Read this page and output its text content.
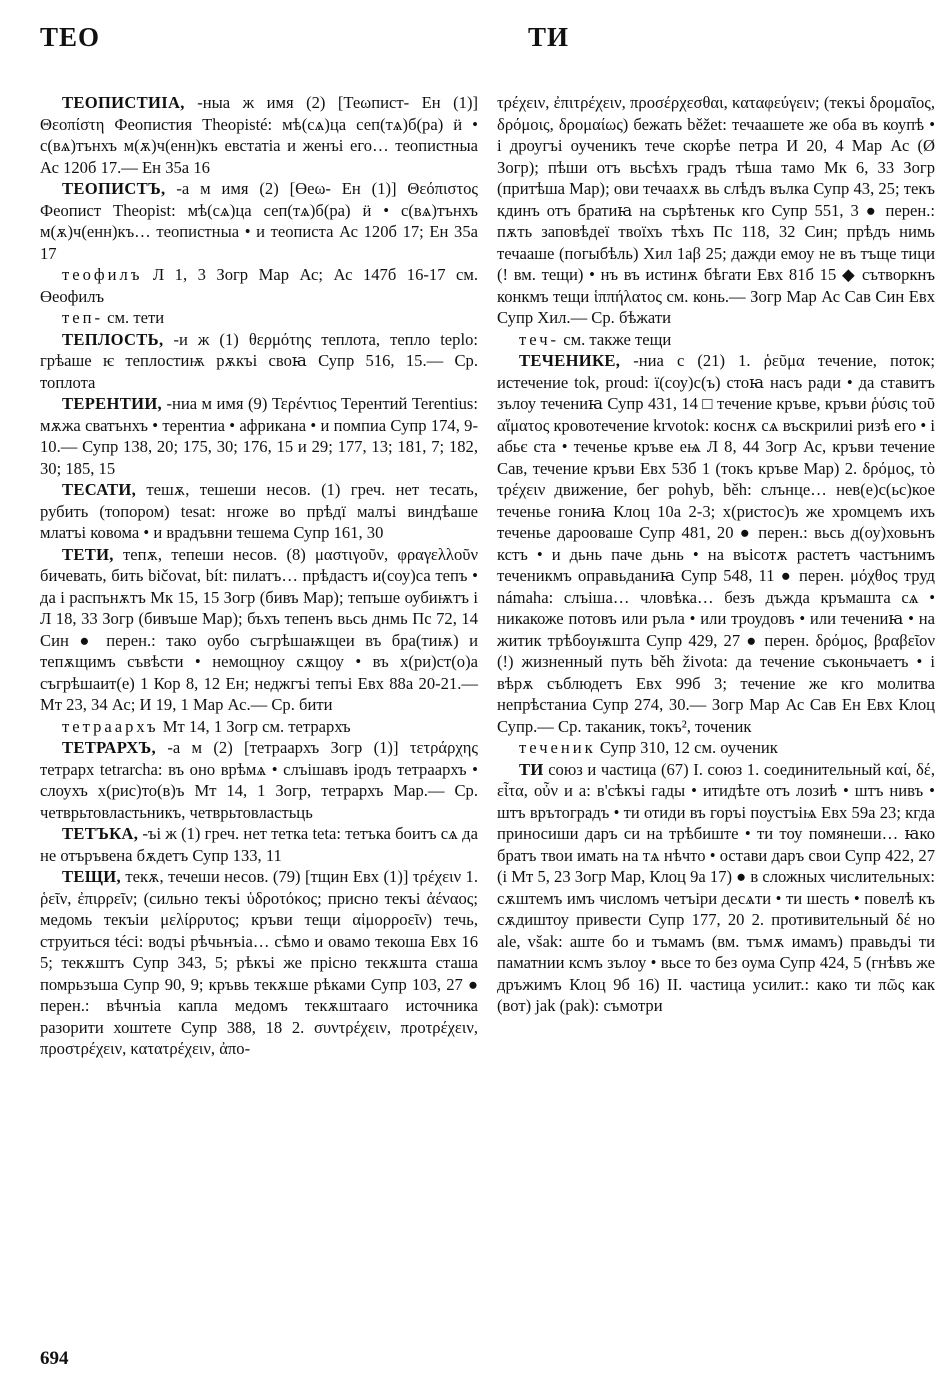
ТЕО	ТИ

ТЕОПИСТИІА, -ныа ж имя (2) [Теωпист- Ен (1)] Θεοπίστη Феопистия Theopisté: мѣ(сѧ)ца сеп(тѧ)б(ра) ӥ • с(вѧ)тънхъ м(ѫ)ч(енн)къ евстатіа и женъі его… теопистныа Ас 120б 17.— Ен 35а 16

ТЕОПИСТЪ, -а м имя (2) [Өеω- Ен (1)] Θεόπιστος Феопист Theopist: мѣ(сѧ)ца сеп(тѧ)б(ра) ӥ • с(вѧ)тънхъ м(ѫ)ч(енн)къ… теопистныа • и теописта Ас 120б 17; Ен 35а 17

теофилъ Л 1, 3 Зогр Мар Ас; Ас 147б 16-17 см. Өеофилъ

теп- см. тети

ТЕПЛОСТЬ, -и ж (1) θερμότης теплота, тепло teplo: грѣаше ѥ теплостиѭ рѫкъі своꙗ Супр 516, 15.— Ср. топлота

ТЕРЕНТИИ, -ниа м имя (9) Τερέντιος Терентий Terentius: мѫжа сватънхъ • терентиа • африкана • и помпиа Супр 174, 9-10.— Супр 138, 20; 175, 30; 176, 15 и 29; 177, 13; 181, 7; 182, 30; 185, 15

ТЕСАТИ, тешѫ, тешеши несов. (1) греч. нет тесать, рубить (топором) tesat: нгоже во прѣдї малъі виндѣаше млатъі ковома • и врадъвни тешема Супр 161, 30

ТЕТИ, тепѫ, тепеши несов. (8) μαστιγοῦν, φραγελλοῦν бичевать, бить bičovat, bít: пилатъ… прѣдастъ и(соу)са тепъ • да і распънѫтъ Мк 15, 15 Зогр (бивъ Мар); тепъше оубиѭтъ і Л 18, 33 Зогр (бивъше Мар); бъхъ тепенъ вьсь днмь Пс 72, 14 Син ● перен.: тако оубо съгрѣшаѭщеи въ бра(тиѭ) и тепѫщимъ съвѣсти • немощноу сѫщоу • въ х(ри)ст(о)а съгрѣшаит(е) 1 Кор 8, 12 Ен; неджгъі тепъі Евх 88а 20-21.— Мт 23, 34 Ас; И 19, 1 Мар Ас.— Ср. бити

тетраархъ Мт 14, 1 Зогр см. тетрархъ

ТЕТРАРХЪ, -а м (2) [тетраархъ Зогр (1)] τετράρχης тетрарх tetrarcha: въ оно врѣмѧ • слъішавъ іродъ тетраархъ • слоухъ х(рис)то(в)ъ Мт 14, 1 Зогр, тетрархъ Мар.— Ср. четврьтовластьникъ, четврьтовластьць

ТЕТЪКА, -ъі ж (1) греч. нет тетка teta: тетъка боитъ сѧ да не отъръвена бѫдетъ Супр 133, 11

ТЕЩИ, текѫ, течеши несов. (79) [тщин Евх (1)] τρέχειν 1. ῥεῖν, ἐπιρρεῖν; (сильно текъі ὑδροτόκος; присно текъі ἀέναος; медомь текъіи μελίρρυτος; кръви тещи αἱμορροεῖν) течь, струиться téci: водъі рѣчьнъіа… сѣмо и овамо текоша Евх 16 5; текѫштъ Супр 343, 5; рѣкъі же прісно текѫшта сташа помрьзъша Супр 90, 9; кръвь текѫше рѣками Супр 103, 27 ● перен.: вѣчнъіа капла медомъ текѫштааго источника разорити хоштете Супр 388, 18 2. συντρέχειν, προτρέχειν, προστρέχειν, κατατρέχειν, ἀπο-

τρέχειν, ἐπιτρέχειν, προσέρχεσθαι, καταφεύγειν; (текъі δρομαῖος, δρόμοις, δρομαίως) бежать běžet: течаашете же оба въ коупѣ • і дроугъі оученикъ тече скорѣе петра И 20, 4 Мар Ас (Ø Зогр); пѣши отъ вьсѣхъ градъ тѣша тамо Мк 6, 33 Зогр (притѣша Мар); ови течаахѫ вь слѣдъ вълка Супр 43, 25; текъ кдинъ отъ братиꙗ на сърѣтеньк кго Супр 551, 3 ● перен.: пѫть заповѣдеї твоїхъ тѣхъ Пс 118, 32 Син; прѣдъ нимь течааше (погыбѣль) Хил 1аβ 25; дажди емоу не въ тъще тици (! вм. тещи) • нъ въ истинѫ бѣгати Евх 81б 15 ◆ сътворкнъ конкмъ тещи ἱππήλατος см. конь.— Зогр Мар Ас Сав Син Евх Супр Хил.— Ср. бѣжати

теч- см. также тещи

ТЕЧЕНИКЕ, -ниа с (21) 1. ῥεῦμα течение, поток; истечение tok, proud: ї(соу)с(ъ) стоꙗ насъ ради • да ставитъ зълоу течениꙗ Супр 431, 14 □ течение кръве, кръви ῥύσις τοῦ αἵματος кровотечение krvotok: коснѫ сѧ въскрилиі ризѣ его • і абьє ста • теченье кръве еѩ Л 8, 44 Зогр Ас, кръви течение Сав, течение кръви Евх 53б 1 (токъ кръве Мар) 2. δρόμος, τὸ τρέχειν движение, бег pohyb, běh: слънце… нев(е)с(ьс)кое теченье гониꙗ Клоц 10а 2-3; х(ристос)ъ же хромцемъ ихъ теченье дарооваше Супр 481, 20 ● перен.: вьсь д(оу)ховьнъ кстъ • и дьнь паче дьнь • на въісотѫ растетъ частънимъ теченикмъ оправьданиꙗ Супр 548, 11 ● перен. μόχθος труд námaha: слъіша… чловѣка… безъ дъжда кръмашта сѧ • никакоже потовъ или ръла • или троудовъ • или течениꙗ • на житик трѣбоуѭшта Супр 429, 27 ● перен. δρόμος, βραβεῖον (!) жизненный путь běh života: да течение съконьчаетъ • і вѣрѫ съблюдетъ Евх 99б 3; течение же кго молитва непрѣстаниа Супр 274, 30.— Зогр Мар Ас Сав Ен Евх Клоц Супр.— Ср. таканик, токъ², точеник

теченик Супр 310, 12 см. оученик

ТИ союз и частица (67) I. союз 1. соединительный καί, δέ, εἶτα, οὖν и а: в'сѣкъі гады • итидѣте отъ лозиѣ • штъ нивъ • штъ врътоградъ • ти отиди въ горъі поустъіѩ Евх 59а 23; кгда приносиши даръ си на трѣбиште • ти тоу помянеши… ꙗко братъ твои имать на тѧ нѣчто • остави даръ свои Супр 422, 27 (і Мт 5, 23 Зогр Мар, Клоц 9а 17) ● в сложных числительных: сѫштемъ имъ числомъ четъіри десѧти • ти шесть • повелѣ къ сѫдиштоу привести Супр 177, 20 2. противительный δέ но ale, však: аште бо и тъмамъ (вм. тъмѫ имамъ) правьдъі ти паматнии ксмъ зълоу • вьсе то без оума Супр 424, 5 (гнѣвъ же дръжимъ Клоц 9б 16) II. частица усилит.: како ти πῶς как (вот) jak (pak): съмотри

694
